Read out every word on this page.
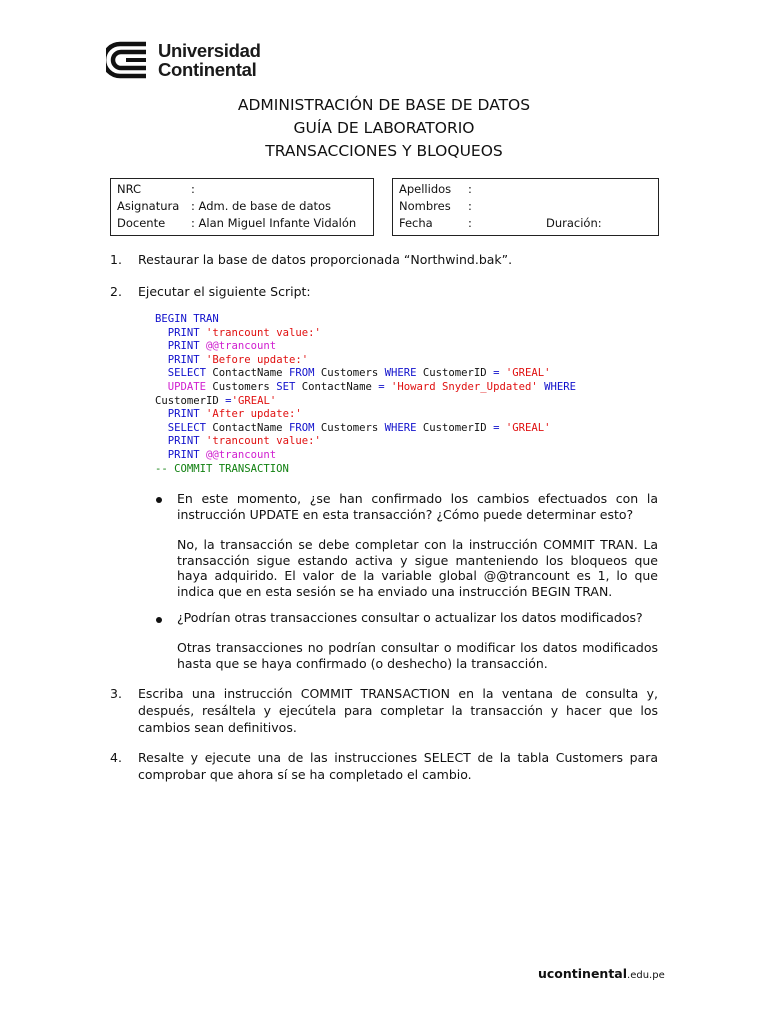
Universidad
Continental
ADMINISTRACIÓN DE BASE DE DATOS
GUÍA DE LABORATORIO
TRANSACCIONES Y BLOQUEOS
NRC	:
Asignatura : Adm. de base de datos
Docente : Alan Miguel Infante Vidalón
Apellidos :
Nombres :
Fecha	:	Duración:
1. Restaurar la base de datos proporcionada “Northwind.bak”.
2. Ejecutar el siguiente Script:
BEGIN TRAN
PRINT 'trancount value:'
PRINT @@trancount
PRINT 'Before update:'
SELECT ContactName FROM Customers WHERE CustomerID = 'GREAL'
UPDATE Customers SET ContactName = 'Howard Snyder_Updated' WHERE
CustomerID ='GREAL'
PRINT 'After update:'
SELECT ContactName FROM Customers WHERE CustomerID = 'GREAL'
PRINT 'trancount value:'
PRINT @@trancount
-- COMMIT TRANSACTION
En este momento, ¿se han confirmado los cambios efectuados con la instrucción UPDATE en esta transacción? ¿Cómo puede determinar esto?
No, la transacción se debe completar con la instrucción COMMIT TRAN. La transacción sigue estando activa y sigue manteniendo los bloqueos que haya adquirido. El valor de la variable global @@trancount es 1, lo que indica que en esta sesión se ha enviado una instrucción BEGIN TRAN.
¿Podrían otras transacciones consultar o actualizar los datos modificados?
Otras transacciones no podrían consultar o modificar los datos modificados hasta que se haya confirmado (o deshecho) la transacción.
3. Escriba una instrucción COMMIT TRANSACTION en la ventana de consulta y, después, resáltela y ejecútela para completar la transacción y hacer que los cambios sean definitivos.
4. Resalte y ejecute una de las instrucciones SELECT de la tabla Customers para comprobar que ahora sí se ha completado el cambio.
ucontinental.edu.pe
